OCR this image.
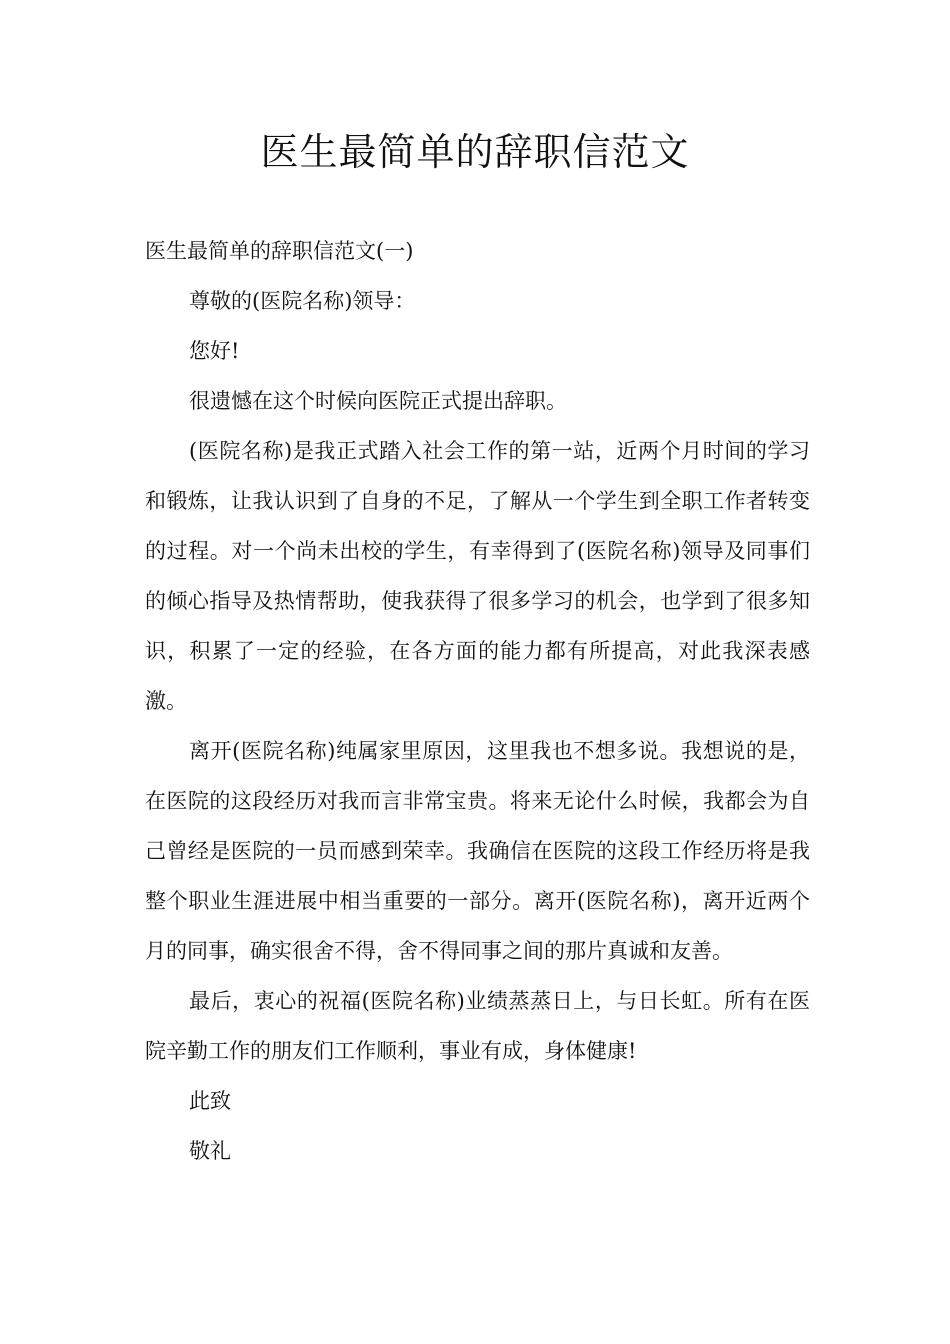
医生最简单的辞职信范文

医生最简单的辞职信范文(一)

尊敬的(医院名称)领导：

您好!

很遗憾在这个时候向医院正式提出辞职。

(医院名称)是我正式踏入社会工作的第一站，近两个月时间的学习和锻炼，让我认识到了自身的不足，了解从一个学生到全职工作者转变的过程。对一个尚未出校的学生，有幸得到了(医院名称)领导及同事们的倾心指导及热情帮助，使我获得了很多学习的机会，也学到了很多知识，积累了一定的经验，在各方面的能力都有所提高，对此我深表感激。

离开(医院名称)纯属家里原因，这里我也不想多说。我想说的是，在医院的这段经历对我而言非常宝贵。将来无论什么时候，我都会为自己曾经是医院的一员而感到荣幸。我确信在医院的这段工作经历将是我整个职业生涯进展中相当重要的一部分。离开(医院名称)，离开近两个月的同事，确实很舍不得，舍不得同事之间的那片真诚和友善。

最后，衷心的祝福(医院名称)业绩蒸蒸日上，与日长虹。所有在医院辛勤工作的朋友们工作顺利，事业有成，身体健康!

此致

敬礼
